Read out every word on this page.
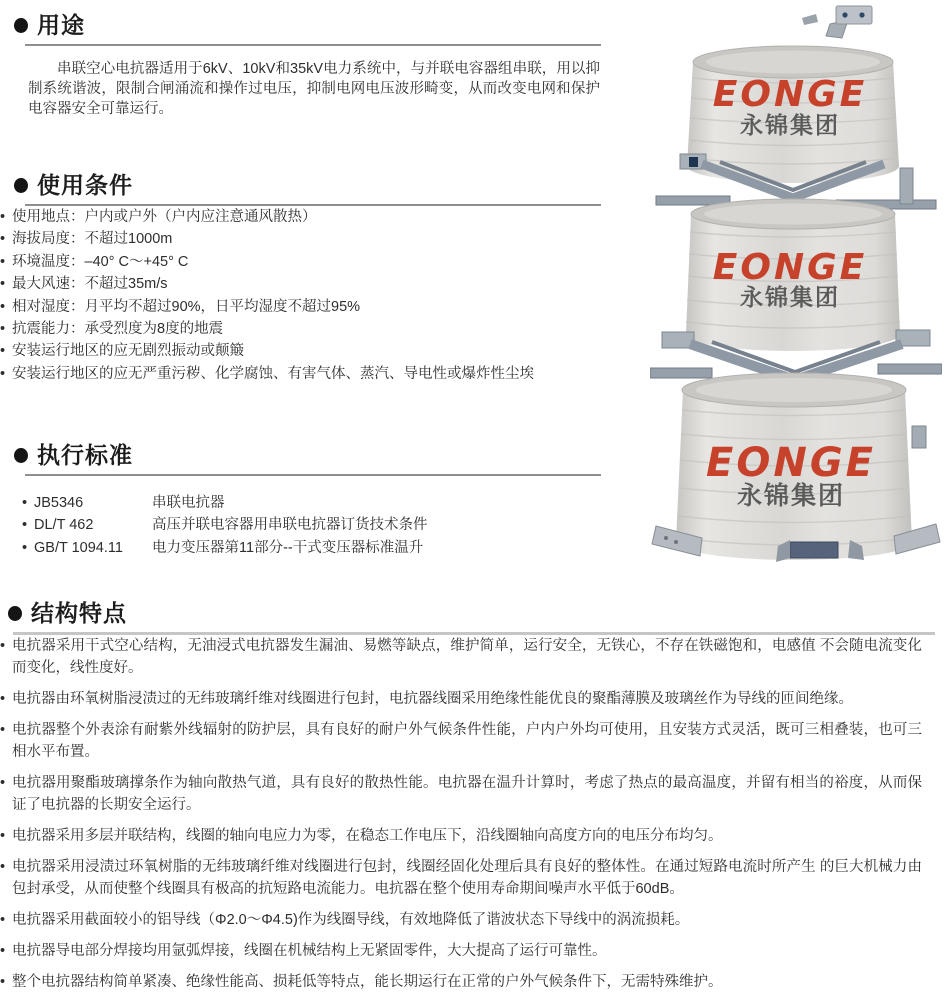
用途

串联空心电抗器适用于6kV、10kV和35kV电力系统中，与并联电容器组串联，用以抑制系统谐波，限制合闸涌流和操作过电压，抑制电网电压波形畸变，从而改变电网和保护电容器安全可靠运行。

使用条件
• 使用地点：户内或户外（户内应注意通风散热）
• 海拔局度：不超过1000m
• 环境温度：–40° C～+45° C
• 最大风速：不超过35m/s
• 相对湿度：月平均不超过90%，日平均湿度不超过95%
• 抗震能力：承受烈度为8度的地震
• 安装运行地区的应无剧烈振动或颠簸
• 安装运行地区的应无严重污秽、化学腐蚀、有害气体、蒸汽、导电性或爆炸性尘埃
执行标准
• JB5346	串联电抗器
• DL/T 462	高压并联电容器用串联电抗器订货技术条件
• GB/T 1094.11 电力变压器第11部分--干式变压器标准温升
结构特点
• 电抗器采用干式空心结构，无油浸式电抗器发生漏油、易燃等缺点，维护简单，运行安全，无铁心，不存在铁磁饱和，电感值 不会随电流变化而变化，线性度好。
• 电抗器由环氧树脂浸渍过的无纬玻璃纤维对线圈进行包封，电抗器线圈采用绝缘性能优良的聚酯薄膜及玻璃丝作为导线的匝间绝缘。
• 电抗器整个外表涂有耐紫外线辐射的防护层，具有良好的耐户外气候条件性能，户内户外均可使用，且安装方式灵活，既可三相叠装，也可三相水平布置。
• 电抗器用聚酯玻璃撑条作为轴向散热气道，具有良好的散热性能。电抗器在温升计算时，考虑了热点的最高温度，并留有相当的裕度，从而保证了电抗器的长期安全运行。
• 电抗器采用多层并联结构，线圈的轴向电应力为零，在稳态工作电压下，沿线圈轴向高度方向的电压分布均匀。
• 电抗器采用浸渍过环氧树脂的无纬玻璃纤维对线圈进行包封，线圈经固化处理后具有良好的整体性。在通过短路电流时所产生 的巨大机械力由包封承受，从而使整个线圈具有极高的抗短路电流能力。电抗器在整个使用寿命期间噪声水平低于60dB。
• 电抗器采用截面较小的铝导线（Φ2.0～Φ4.5)作为线圈导线，有效地降低了谐波状态下导线中的涡流损耗。
• 电抗器导电部分焊接均用氩弧焊接，线圈在机械结构上无紧固零件，大大提高了运行可靠性。
• 整个电抗器结构简单紧凑、绝缘性能高、损耗低等特点，能长期运行在正常的户外气候条件下，无需特殊维护。
EONGE
永锦集团
EONGE
永锦集团
EONGE
永锦集团
